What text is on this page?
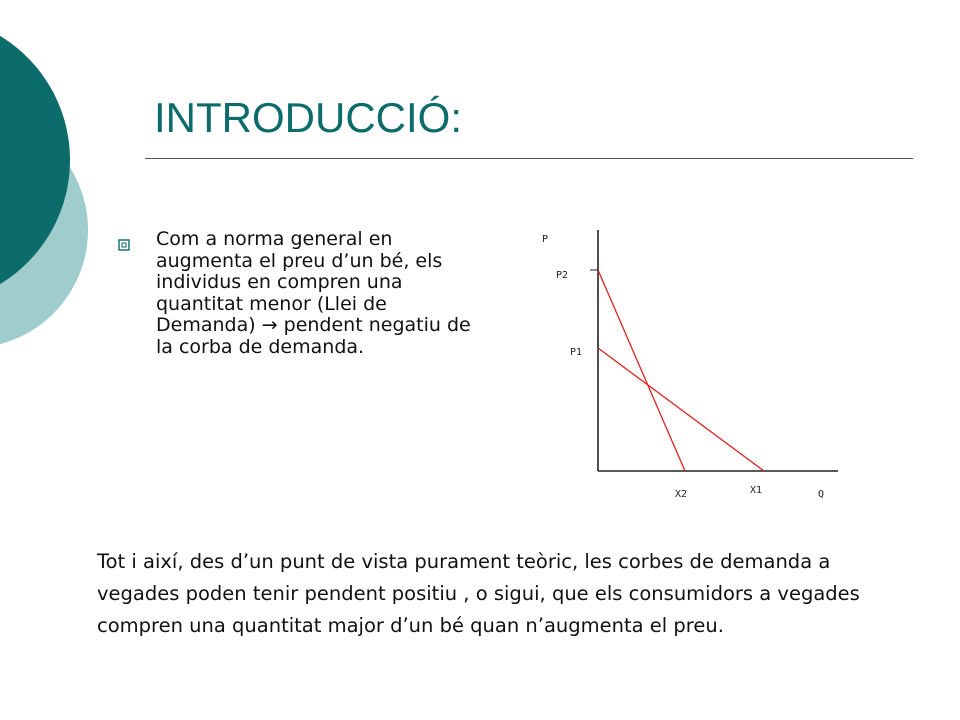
INTRODUCCIÓ:
Com a norma general en augmenta el preu d’un bé, els individus en compren una quantitat menor (Llei de Demanda) → pendent negatiu de la corba de demanda.
P
P2
P1
X2	X1	Q

Tot i així, des d’un punt de vista purament teòric, les corbes de demanda a vegades poden tenir pendent positiu , o sigui, que els consumidors a vegades compren una quantitat major d’un bé quan n’augmenta el preu.
